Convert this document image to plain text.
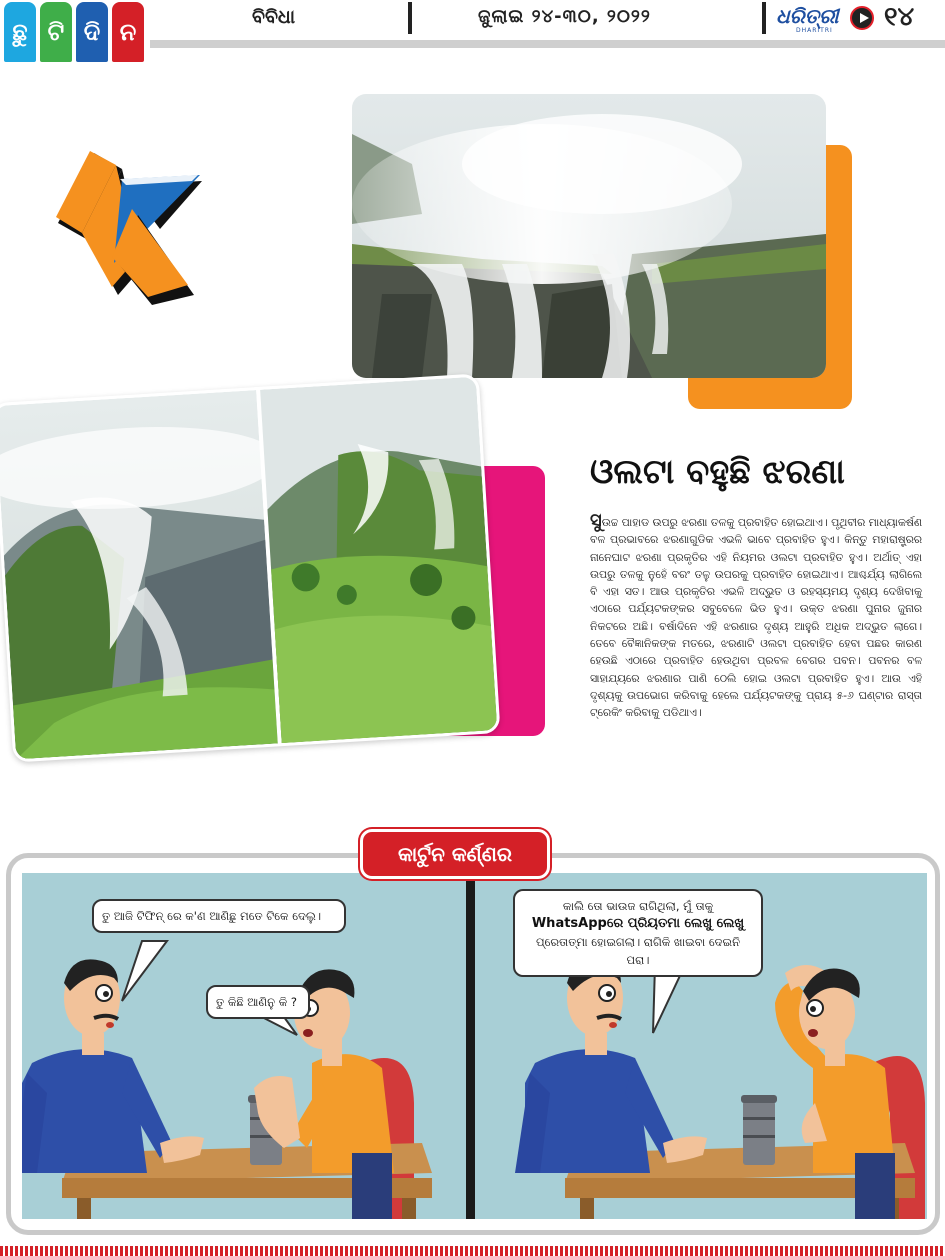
ଛୁ ଟି ଦି ନ
ବିବିଧା	ଜୁଲାଇ ୨୪-୩୦, ୨୦୨୨	ଧରିତ୍ରୀ
DHARITRI ୧୪
ଓଲଟା ବହୁଛି ଝରଣା
ସୁଉଚ୍ଚ ପାହାଡ ଉପରୁ ଝରଣା ତଳକୁ ପ୍ରବାହିତ ହୋଇଥାଏ। ପୃଥିବୀର ମାଧ୍ୟାକର୍ଷଣ ବଳ ପ୍ରଭାବରେ ଝରଣାଗୁଡିକ ଏଭଳି ଭାବେ ପ୍ରବାହିତ ହୁଏ। କିନ୍ତୁ ମହାରାଷ୍ଟ୍ରର ନାନେଘାଟ ଝରଣା ପ୍ରକୃତିର ଏହି ନିୟମର ଓଲଟା ପ୍ରବାହିତ ହୁଏ। ଅର୍ଥାତ୍ ଏହା ଉପରୁ ତଳକୁ ନୁହେଁ ବରଂ ତଳୁ ଉପରକୁ ପ୍ରବାହିତ ହୋଇଥାଏ। ଆଶ୍ଚର୍ଯ୍ୟ ଲାଗିଲେ ବି ଏହା ସତ। ଆଉ ପ୍ରକୃତିର ଏଭଳି ଅଦ୍ଭୁତ ଓ ରହସ୍ୟମୟ ଦୃଶ୍ୟ ଦେଖିବାକୁ ଏଠାରେ ପର୍ଯ୍ୟଟକଙ୍କର ସବୁବେଳେ ଭିଡ ହୁଏ। ଉକ୍ତ ଝରଣା ପୁନାର ଜୁନାର ନିକଟରେ ଅଛି। ବର୍ଷାଦିନେ ଏହି ଝରଣାର ଦୃଶ୍ୟ ଆହୁରି ଅଧିକ ଅଦ୍ଭୁତ ଲାଗେ। ତେବେ ବୈଜ୍ଞାନିକଙ୍କ ମତରେ, ଝରଣାଟି ଓଲଟା ପ୍ରବାହିତ ହେବା ପଛର କାରଣ ହେଉଛି ଏଠାରେ ପ୍ରବାହିତ ହେଉଥିବା ପ୍ରବଳ ବେଗର ପବନ। ପବନର ବଳ ସାହାଯ୍ୟରେ ଝରଣାର ପାଣି ଠେଲି ହୋଇ ଓଲଟା ପ୍ରବାହିତ ହୁଏ। ଆଉ ଏହି ଦୃଶ୍ୟକୁ ଉପଭୋଗ କରିବାକୁ ହେଲେ ପର୍ଯ୍ୟଟକଙ୍କୁ ପ୍ରାୟ ୫-୬ ଘଣ୍ଟାର ରାସ୍ତା ଟ୍ରେକିଂ କରିବାକୁ ପଡିଥାଏ।
କାର୍ଟୁନ କର୍ଣ୍ଣର
ତୁ ଆଜି ଟିଫିନ୍ ରେ କ'ଣ ଆଣିଛୁ ମତେ ଟିକେ ଦେଲୁ।
ତୁ କିଛି ଆଣିନୁ କି ?
କାଲି ତୋ ଭାଉଜ ରାଗିଥିଲା, ମୁଁ ତାକୁ
WhatsAppରେ ପ୍ରିୟତମା ଲେଖୁ ଲେଖୁ
ପ୍ରେତାତ୍ମା ହୋଇଗଲା। ରାଗିକି ଖାଇବା ଦେଇନି ପରା।
